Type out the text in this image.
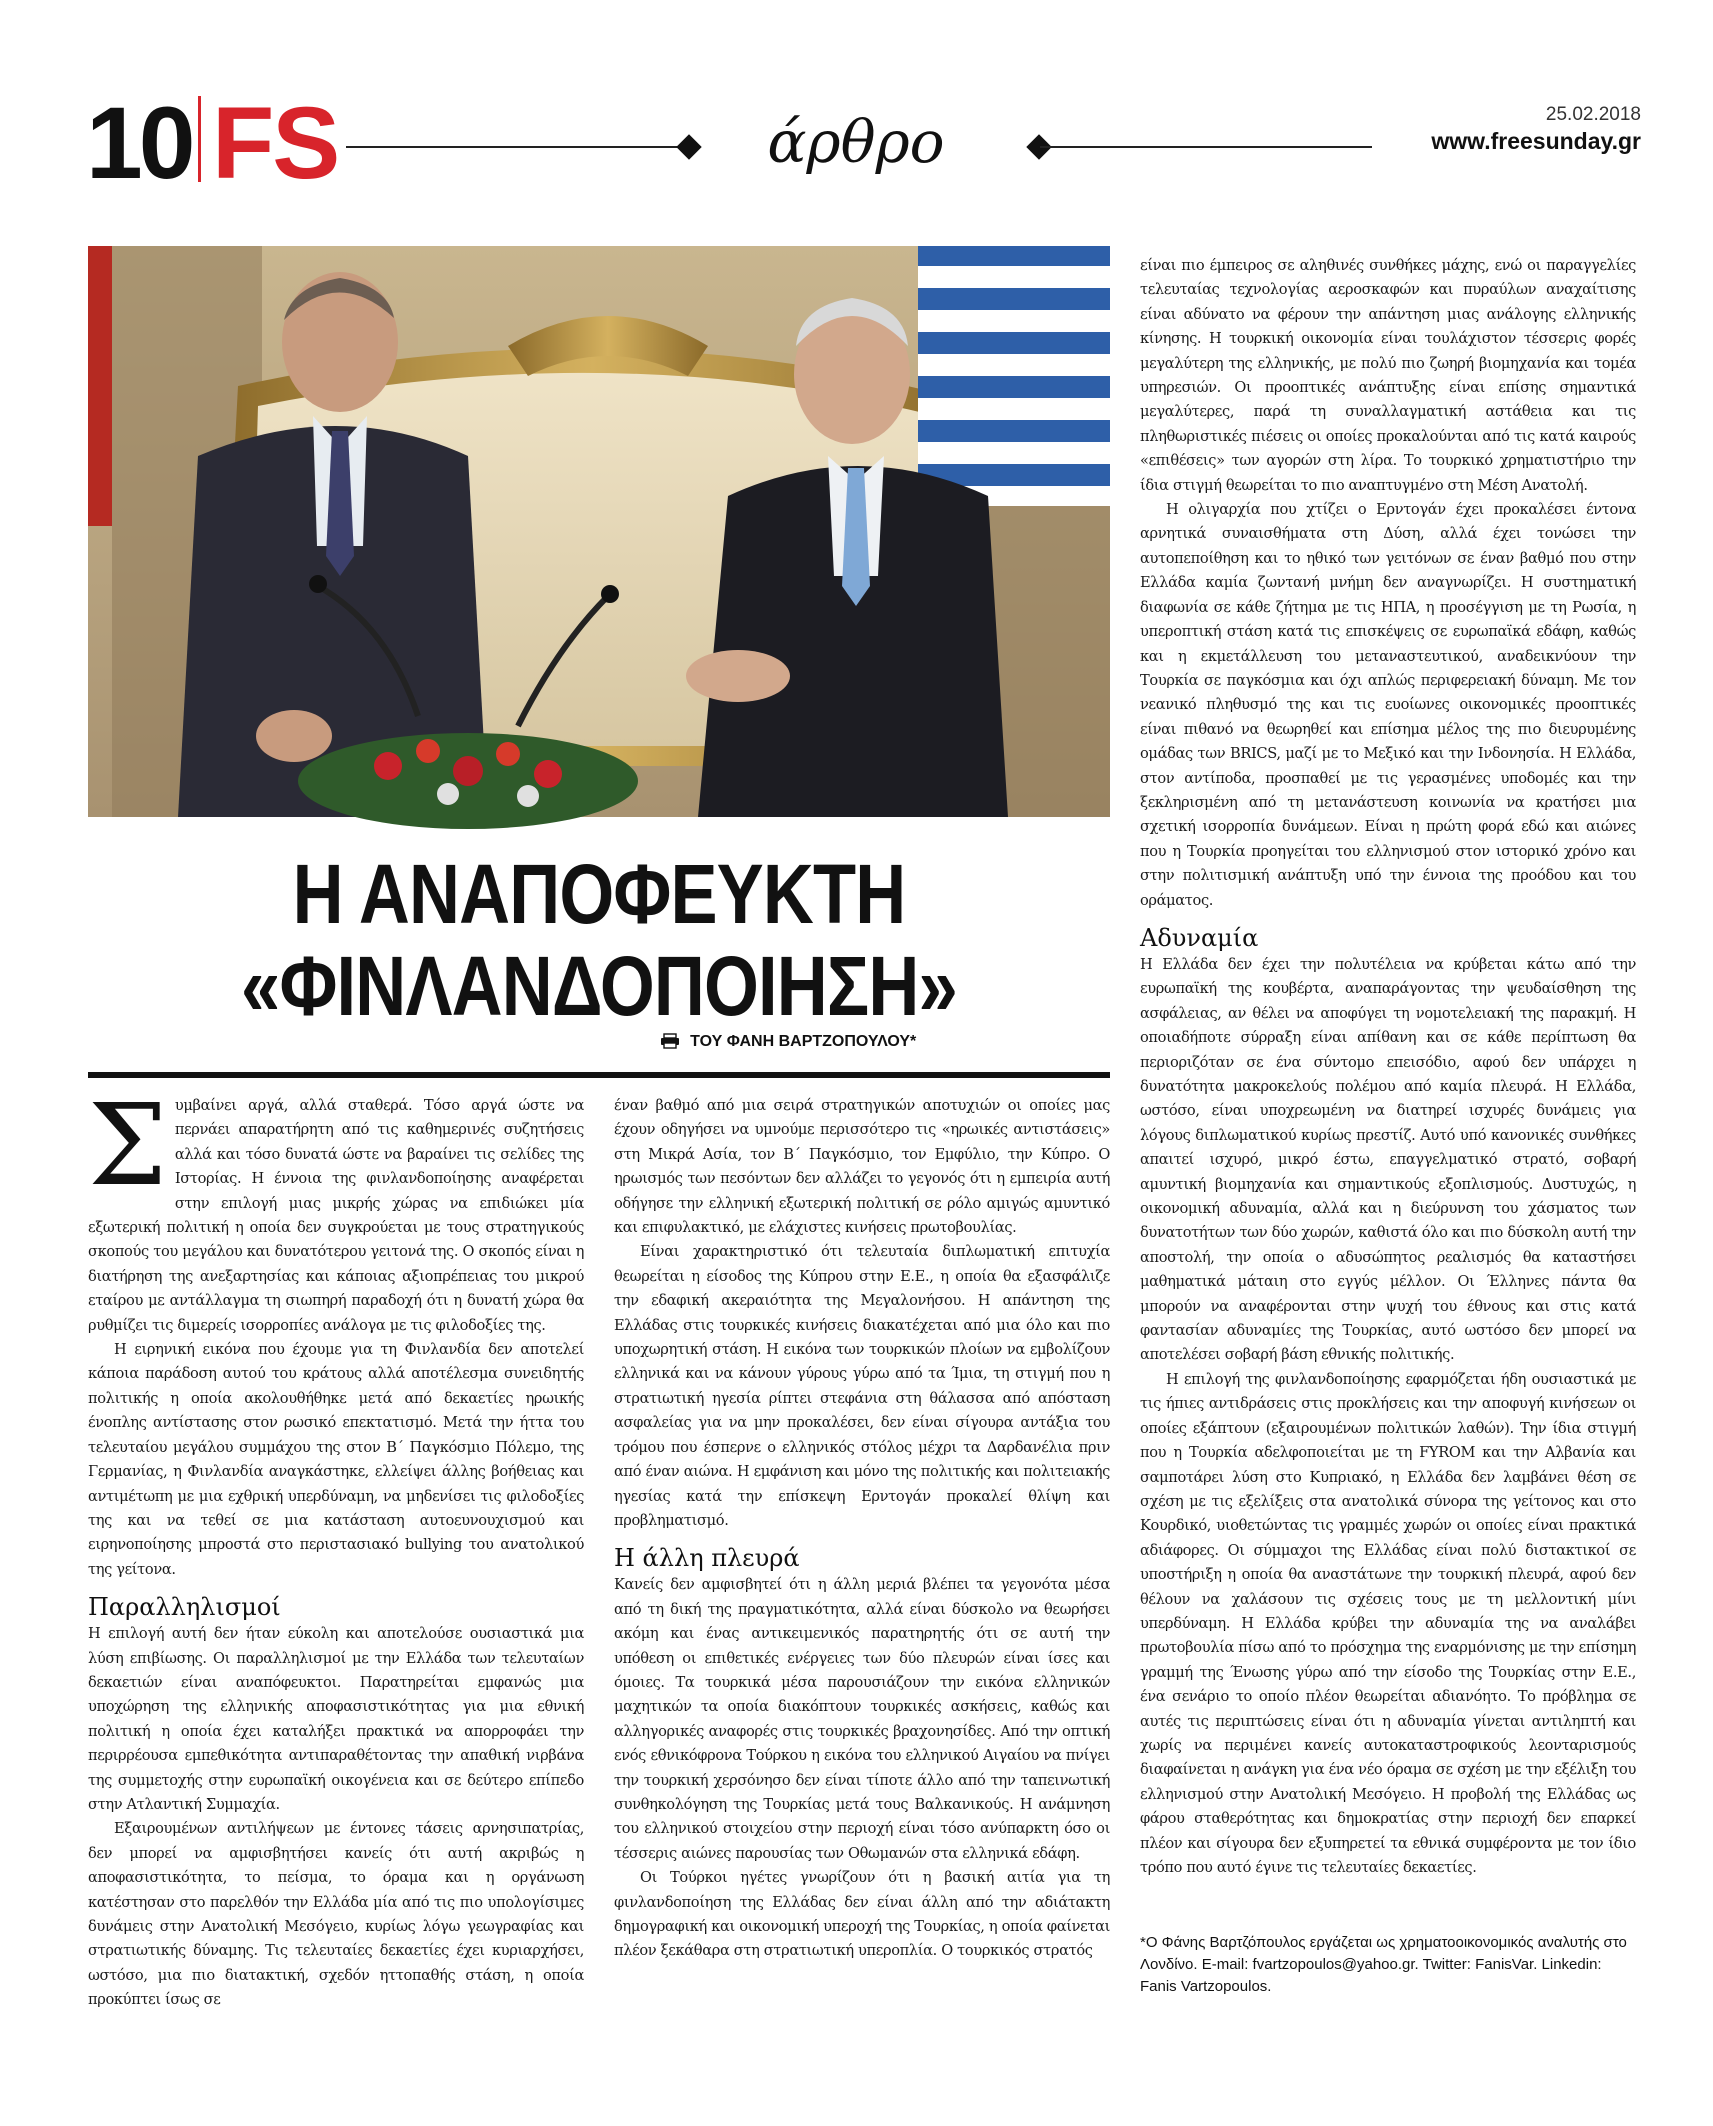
10 FS	άρθρο	25.02.2018
www.freesunday.gr
Η ΑΝΑΠΟΦΕΥΚΤΗ
«ΦΙΝΛΑΝΔΟΠΟΙΗΣΗ»
ΤΟΥ ΦΑΝΗ ΒΑΡΤΖΟΠΟΥΛΟΥ*

Συμβαίνει αργά, αλλά σταθερά. Τόσο αργά ώστε να περνάει απαρατήρητη από τις καθημερινές συζητήσεις αλλά και τόσο δυνατά ώστε να βαραίνει τις σελίδες της Ιστορίας. Η έννοια της φινλανδοποίησης αναφέρεται στην επιλογή μιας μικρής χώρας να επιδιώκει μία εξωτερική πολιτική η οποία δεν συγκρούεται με τους στρατηγικούς σκοπούς του μεγάλου και δυνατότερου γειτονά της. Ο σκοπός είναι η διατήρηση της ανεξαρτησίας και κάποιας αξιοπρέπειας του μικρού εταίρου με αντάλλαγμα τη σιωπηρή παραδοχή ότι η δυνατή χώρα θα ρυθμίζει τις διμερείς ισορροπίες ανάλογα με τις φιλοδοξίες της.

Η ειρηνική εικόνα που έχουμε για τη Φινλανδία δεν αποτελεί κάποια παράδοση αυτού του κράτους αλλά αποτέλεσμα συνειδητής πολιτικής η οποία ακολουθήθηκε μετά από δεκαετίες ηρωικής ένοπλης αντίστασης στον ρωσικό επεκτατισμό. Μετά την ήττα του τελευταίου μεγάλου συμμάχου της στον Β΄ Παγκόσμιο Πόλεμο, της Γερμανίας, η Φινλανδία αναγκάστηκε, ελλείψει άλλης βοήθειας και αντιμέτωπη με μια εχθρική υπερδύναμη, να μηδενίσει τις φιλοδοξίες της και να τεθεί σε μια κατάσταση αυτοευνουχισμού και ειρηνοποίησης μπροστά στο περιστασιακό bullying του ανατολικού της γείτονα.

Παραλληλισμοί

Η επιλογή αυτή δεν ήταν εύκολη και αποτελούσε ουσιαστικά μια λύση επιβίωσης. Οι παραλληλισμοί με την Ελλάδα των τελευταίων δεκαετιών είναι αναπόφευκτοι. Παρατηρείται εμφανώς μια υποχώρηση της ελληνικής αποφασιστικότητας για μια εθνική πολιτική η οποία έχει καταλήξει πρακτικά να απορροφάει την περιρρέουσα εμπεθικότητα αντιπαραθέτοντας την απαθική νιρβάνα της συμμετοχής στην ευρωπαϊκή οικογένεια και σε δεύτερο επίπεδο στην Ατλαντική Συμμαχία.

Εξαιρουμένων αντιλήψεων με έντονες τάσεις αρνησιπατρίας, δεν μπορεί να αμφισβητήσει κανείς ότι αυτή ακριβώς η αποφασιστικότητα, το πείσμα, το όραμα και η οργάνωση κατέστησαν στο παρελθόν την Ελλάδα μία από τις πιο υπολογίσιμες δυνάμεις στην Ανατολική Μεσόγειο, κυρίως λόγω γεωγραφίας και στρατιωτικής δύναμης. Τις τελευταίες δεκαετίες έχει κυριαρχήσει, ωστόσο, μια πιο διατακτική, σχεδόν ηττοπαθής στάση, η οποία προκύπτει ίσως σε

έναν βαθμό από μια σειρά στρατηγικών αποτυχιών οι οποίες μας έχουν οδηγήσει να υμνούμε περισσότερο τις «ηρωικές αντιστάσεις» στη Μικρά Ασία, τον Β΄ Παγκόσμιο, τον Εμφύλιο, την Κύπρο. Ο ηρωισμός των πεσόντων δεν αλλάζει το γεγονός ότι η εμπειρία αυτή οδήγησε την ελληνική εξωτερική πολιτική σε ρόλο αμιγώς αμυντικό και επιφυλακτικό, με ελάχιστες κινήσεις πρωτοβουλίας.

Είναι χαρακτηριστικό ότι τελευταία διπλωματική επιτυχία θεωρείται η είσοδος της Κύπρου στην Ε.Ε., η οποία θα εξασφάλιζε την εδαφική ακεραιότητα της Μεγαλονήσου. Η απάντηση της Ελλάδας στις τουρκικές κινήσεις διακατέχεται από μια όλο και πιο υποχωρητική στάση. Η εικόνα των τουρκικών πλοίων να εμβολίζουν ελληνικά και να κάνουν γύρους γύρω από τα Ίμια, τη στιγμή που η στρατιωτική ηγεσία ρίπτει στεφάνια στη θάλασσα από απόσταση ασφαλείας για να μην προκαλέσει, δεν είναι σίγουρα αντάξια του τρόμου που έσπερνε ο ελληνικός στόλος μέχρι τα Δαρδανέλια πριν από έναν αιώνα. Η εμφάνιση και μόνο της πολιτικής και πολιτειακής ηγεσίας κατά την επίσκεψη Ερντογάν προκαλεί θλίψη και προβληματισμό.

Η άλλη πλευρά

Κανείς δεν αμφισβητεί ότι η άλλη μεριά βλέπει τα γεγονότα μέσα από τη δική της πραγματικότητα, αλλά είναι δύσκολο να θεωρήσει ακόμη και ένας αντικειμενικός παρατηρητής ότι σε αυτή την υπόθεση οι επιθετικές ενέργειες των δύο πλευρών είναι ίσες και όμοιες. Τα τουρκικά μέσα παρουσιάζουν την εικόνα ελληνικών μαχητικών τα οποία διακόπτουν τουρκικές ασκήσεις, καθώς και αλληγορικές αναφορές στις τουρκικές βραχονησίδες. Από την οπτική ενός εθνικόφρονα Τούρκου η εικόνα του ελληνικού Αιγαίου να πνίγει την τουρκική χερσόνησο δεν είναι τίποτε άλλο από την ταπεινωτική συνθηκολόγηση της Τουρκίας μετά τους Βαλκανικούς. Η ανάμνηση του ελληνικού στοιχείου στην περιοχή είναι τόσο ανύπαρκτη όσο οι τέσσερις αιώνες παρουσίας των Οθωμανών στα ελληνικά εδάφη.

Οι Τούρκοι ηγέτες γνωρίζουν ότι η βασική αιτία για τη φινλανδοποίηση της Ελλάδας δεν είναι άλλη από την αδιάτακτη δημογραφική και οικονομική υπεροχή της Τουρκίας, η οποία φαίνεται πλέον ξεκάθαρα στη στρατιωτική υπεροπλία. Ο τουρκικός στρατός

είναι πιο έμπειρος σε αληθινές συνθήκες μάχης, ενώ οι παραγγελίες τελευταίας τεχνολογίας αεροσκαφών και πυραύλων αναχαίτισης είναι αδύνατο να φέρουν την απάντηση μιας ανάλογης ελληνικής κίνησης. Η τουρκική οικονομία είναι τουλάχιστον τέσσερις φορές μεγαλύτερη της ελληνικής, με πολύ πιο ζωηρή βιομηχανία και τομέα υπηρεσιών. Οι προοπτικές ανάπτυξης είναι επίσης σημαντικά μεγαλύτερες, παρά τη συναλλαγματική αστάθεια και τις πληθωριστικές πιέσεις οι οποίες προκαλούνται από τις κατά καιρούς «επιθέσεις» των αγορών στη λίρα. Το τουρκικό χρηματιστήριο την ίδια στιγμή θεωρείται το πιο αναπτυγμένο στη Μέση Ανατολή.

Η ολιγαρχία που χτίζει ο Ερντογάν έχει προκαλέσει έντονα αρνητικά συναισθήματα στη Δύση, αλλά έχει τονώσει την αυτοπεποίθηση και το ηθικό των γειτόνων σε έναν βαθμό που στην Ελλάδα καμία ζωντανή μνήμη δεν αναγνωρίζει. Η συστηματική διαφωνία σε κάθε ζήτημα με τις ΗΠΑ, η προσέγγιση με τη Ρωσία, η υπεροπτική στάση κατά τις επισκέψεις σε ευρωπαϊκά εδάφη, καθώς και η εκμετάλλευση του μεταναστευτικού, αναδεικνύουν την Τουρκία σε παγκόσμια και όχι απλώς περιφερειακή δύναμη. Με τον νεανικό πληθυσμό της και τις ευοίωνες οικονομικές προοπτικές είναι πιθανό να θεωρηθεί και επίσημα μέλος της πιο διευρυμένης ομάδας των BRICS, μαζί με το Μεξικό και την Ινδονησία. Η Ελλάδα, στον αντίποδα, προσπαθεί με τις γερασμένες υποδομές και την ξεκληρισμένη από τη μετανάστευση κοινωνία να κρατήσει μια σχετική ισορροπία δυνάμεων. Είναι η πρώτη φορά εδώ και αιώνες που η Τουρκία προηγείται του ελληνισμού στον ιστορικό χρόνο και στην πολιτισμική ανάπτυξη υπό την έννοια της προόδου και του οράματος.

Αδυναμία

Η Ελλάδα δεν έχει την πολυτέλεια να κρύβεται κάτω από την ευρωπαϊκή της κουβέρτα, αναπαράγοντας την ψευδαίσθηση της ασφάλειας, αν θέλει να αποφύγει τη νομοτελειακή της παρακμή. Η οποιαδήποτε σύρραξη είναι απίθανη και σε κάθε περίπτωση θα περιοριζόταν σε ένα σύντομο επεισόδιο, αφού δεν υπάρχει η δυνατότητα μακροκελούς πολέμου από καμία πλευρά. Η Ελλάδα, ωστόσο, είναι υποχρεωμένη να διατηρεί ισχυρές δυνάμεις για λόγους διπλωματικού κυρίως πρεστίζ. Αυτό υπό κανονικές συνθήκες απαιτεί ισχυρό, μικρό έστω, επαγγελματικό στρατό, σοβαρή αμυντική βιομηχανία και σημαντικούς εξοπλισμούς. Δυστυχώς, η οικονομική αδυναμία, αλλά και η διεύρυνση του χάσματος των δυνατοτήτων των δύο χωρών, καθιστά όλο και πιο δύσκολη αυτή την αποστολή, την οποία ο αδυσώπητος ρεαλισμός θα καταστήσει μαθηματικά μάταιη στο εγγύς μέλλον. Οι Έλληνες πάντα θα μπορούν να αναφέρονται στην ψυχή του έθνους και στις κατά φαντασίαν αδυναμίες της Τουρκίας, αυτό ωστόσο δεν μπορεί να αποτελέσει σοβαρή βάση εθνικής πολιτικής.

Η επιλογή της φινλανδοποίησης εφαρμόζεται ήδη ουσιαστικά με τις ήπιες αντιδράσεις στις προκλήσεις και την αποφυγή κινήσεων οι οποίες εξάπτουν (εξαιρουμένων πολιτικών λαθών). Την ίδια στιγμή που η Τουρκία αδελφοποιείται με τη FYROM και την Αλβανία και σαμποτάρει λύση στο Κυπριακό, η Ελλάδα δεν λαμβάνει θέση σε σχέση με τις εξελίξεις στα ανατολικά σύνορα της γείτονος και στο Κουρδικό, υιοθετώντας τις γραμμές χωρών οι οποίες είναι πρακτικά αδιάφορες. Οι σύμμαχοι της Ελλάδας είναι πολύ διστακτικοί σε υποστήριξη η οποία θα αναστάτωνε την τουρκική πλευρά, αφού δεν θέλουν να χαλάσουν τις σχέσεις τους με τη μελλοντική μίνι υπερδύναμη. Η Ελλάδα κρύβει την αδυναμία της να αναλάβει πρωτοβουλία πίσω από το πρόσχημα της εναρμόνισης με την επίσημη γραμμή της Ένωσης γύρω από την είσοδο της Τουρκίας στην Ε.Ε., ένα σενάριο το οποίο πλέον θεωρείται αδιανόητο. Το πρόβλημα σε αυτές τις περιπτώσεις είναι ότι η αδυναμία γίνεται αντιληπτή και χωρίς να περιμένει κανείς αυτοκαταστροφικούς λεονταρισμούς διαφαίνεται η ανάγκη για ένα νέο όραμα σε σχέση με την εξέλιξη του ελληνισμού στην Ανατολική Μεσόγειο. Η προβολή της Ελλάδας ως φάρου σταθερότητας και δημοκρατίας στην περιοχή δεν επαρκεί πλέον και σίγουρα δεν εξυπηρετεί τα εθνικά συμφέροντα με τον ίδιο τρόπο που αυτό έγινε τις τελευταίες δεκαετίες.

*Ο Φάνης Βαρτζόπουλος εργάζεται ως χρηματοοικονομικός αναλυτής στο Λονδίνο. E-mail: fvartzopoulos@yahoo.gr. Twitter: FanisVar. Linkedin: Fanis Vartzopoulos.
